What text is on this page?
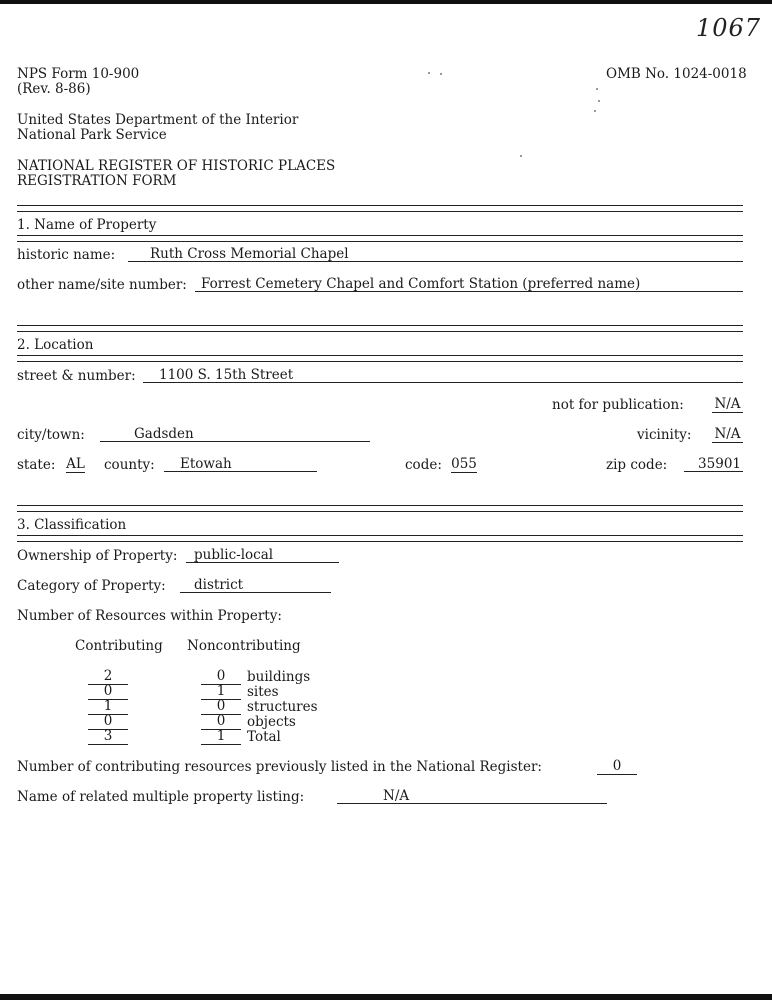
1067
NPS Form 10-900
(Rev. 8-86)
OMB No. 1024-0018
United States Department of the Interior
National Park Service
NATIONAL REGISTER OF HISTORIC PLACES
REGISTRATION FORM
1. Name of Property
historic name:	Ruth Cross Memorial Chapel
other name/site number:	Forrest Cemetery Chapel and Comfort Station (preferred name)
2. Location
street & number:	1100 S. 15th Street
not for publication: N/A
city/town:	Gadsden	vicinity: N/A
state: AL county:	Etowah	code: 055	zip code:	35901
3. Classification
Ownership of Property:	public-local
Category of Property:	district
Number of Resources within Property:
Contributing Noncontributing
2	0	buildings
0	1	sites
1	0	structures
0	0	objects
3	1	Total
Number of contributing resources previously listed in the National Register:	0
Name of related multiple property listing:	N/A
